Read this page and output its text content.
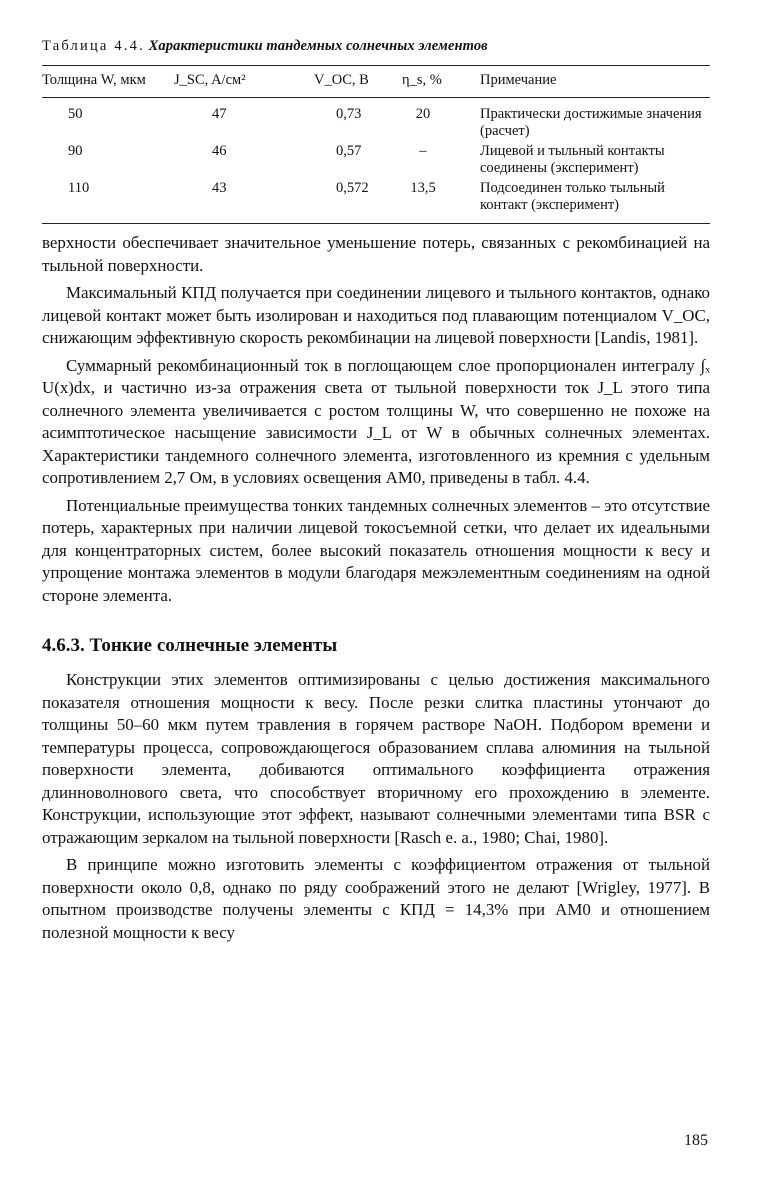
Таблица 4.4. Характеристики тандемных солнечных элементов
Толщина W, мкм	J_SC, A/см²	V_OC, В	η_s, %	Примечание

50	47	0,73	20	Практически достижимые значения (расчет)
90	46	0,57	–	Лицевой и тыльный контакты соединены (эксперимент)
110	43	0,572	13,5	Подсоединен только тыльный контакт (эксперимент)

верхности обеспечивает значительное уменьшение потерь, связанных с рекомбинацией на тыльной поверхности.

Максимальный КПД получается при соединении лицевого и тыльного контактов, однако лицевой контакт может быть изолирован и находиться под плавающим потенциалом V_OC, снижающим эффективную скорость рекомбинации на лицевой поверхности [Landis, 1981].

Суммарный рекомбинационный ток в поглощающем слое пропорционален интегралу ∫ₓ U(x)dx, и частично из-за отражения света от тыльной поверхности ток J_L этого типа солнечного элемента увеличивается с ростом толщины W, что совершенно не похоже на асимптотическое насыщение зависимости J_L от W в обычных солнечных элементах. Характеристики тандемного солнечного элемента, изготовленного из кремния с удельным сопротивлением 2,7 Ом, в условиях освещения AM0, приведены в табл. 4.4.

Потенциальные преимущества тонких тандемных солнечных элементов – это отсутствие потерь, характерных при наличии лицевой токосъемной сетки, что делает их идеальными для концентраторных систем, более высокий показатель отношения мощности к весу и упрощение монтажа элементов в модули благодаря межэлементным соединениям на одной стороне элемента.

4.6.3. Тонкие солнечные элементы

Конструкции этих элементов оптимизированы с целью достижения максимального показателя отношения мощности к весу. После резки слитка пластины утончают до толщины 50–60 мкм путем травления в горячем растворе NaOH. Подбором времени и температуры процесса, сопровождающегося образованием сплава алюминия на тыльной поверхности элемента, добиваются оптимального коэффициента отражения длинноволнового света, что способствует вторичному его прохождению в элементе. Конструкции, использующие этот эффект, называют солнечными элементами типа BSR с отражающим зеркалом на тыльной поверхности [Rasch e. a., 1980; Chai, 1980].

В принципе можно изготовить элементы с коэффициентом отражения от тыльной поверхности около 0,8, однако по ряду соображений этого не делают [Wrigley, 1977]. В опытном производстве получены элементы с КПД = 14,3% при AM0 и отношением полезной мощности к весу

185
